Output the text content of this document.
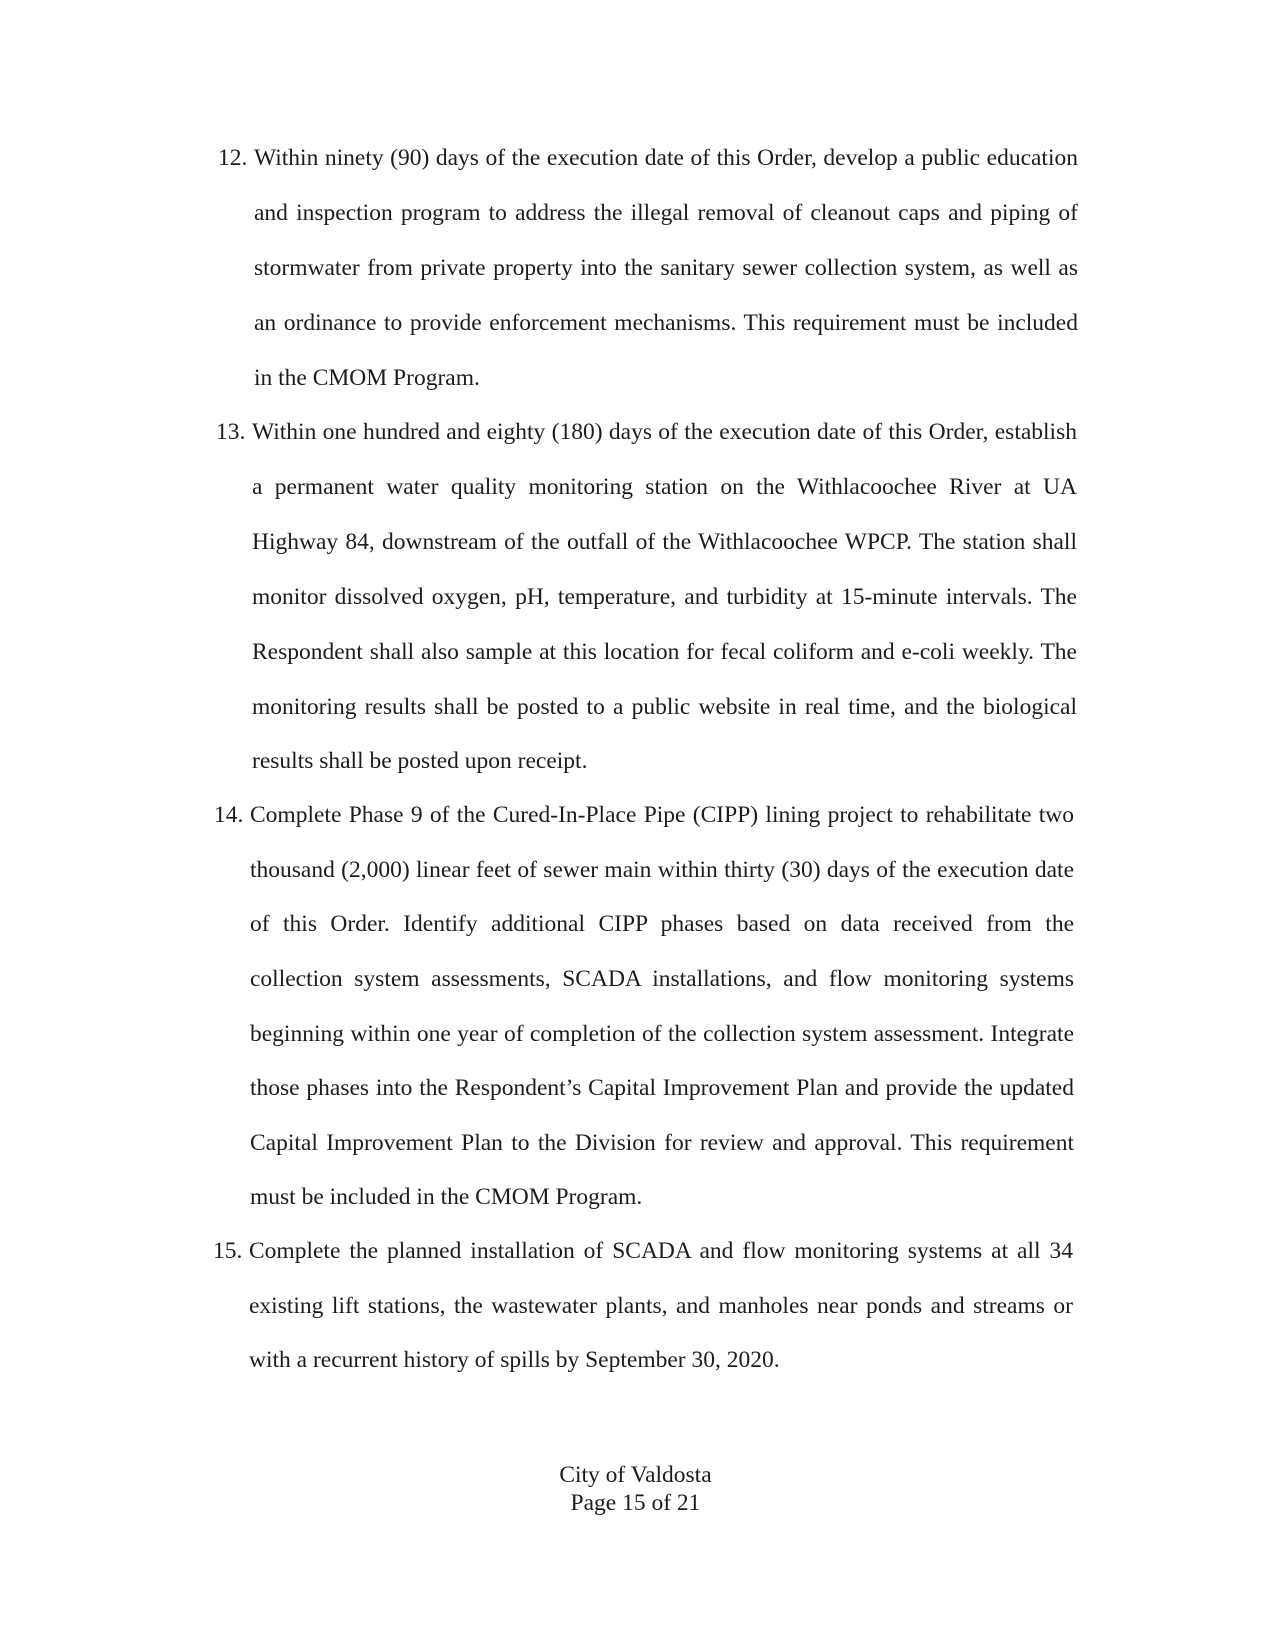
12. Within ninety (90) days of the execution date of this Order, develop a public education
and inspection program to address the illegal removal of cleanout caps and piping of
stormwater from private property into the sanitary sewer collection system, as well as
an ordinance to provide enforcement mechanisms. This requirement must be included
in the CMOM Program.
13. Within one hundred and eighty (180) days of the execution date of this Order, establish
a permanent water quality monitoring station on the Withlacoochee River at UA
Highway 84, downstream of the outfall of the Withlacoochee WPCP. The station shall
monitor dissolved oxygen, pH, temperature, and turbidity at 15-minute intervals. The
Respondent shall also sample at this location for fecal coliform and e-coli weekly. The
monitoring results shall be posted to a public website in real time, and the biological
results shall be posted upon receipt.
14. Complete Phase 9 of the Cured-In-Place Pipe (CIPP) lining project to rehabilitate two
thousand (2,000) linear feet of sewer main within thirty (30) days of the execution date
of this Order. Identify additional CIPP phases based on data received from the
collection system assessments, SCADA installations, and flow monitoring systems
beginning within one year of completion of the collection system assessment. Integrate
those phases into the Respondent’s Capital Improvement Plan and provide the updated
Capital Improvement Plan to the Division for review and approval. This requirement
must be included in the CMOM Program.
15. Complete the planned installation of SCADA and flow monitoring systems at all 34
existing lift stations, the wastewater plants, and manholes near ponds and streams or
with a recurrent history of spills by September 30, 2020.
City of Valdosta
Page 15 of 21
